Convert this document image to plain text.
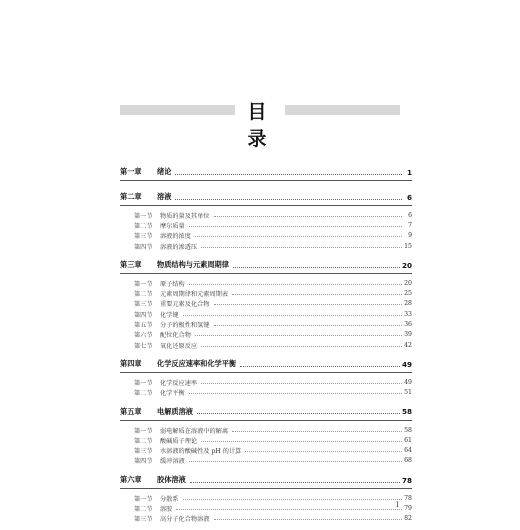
目 录
第一章	绪论	1
第二章	溶液	6
第一节	物质的量及其单位	6
第二节	摩尔质量	7
第三节	溶液的浓度	9
第四节	溶液的渗透压	15
第三章	物质结构与元素周期律	20
第一节	原子结构	20
第二节	元素周期律和元素周期表	25
第三节	重要元素及化合物	28
第四节	化学键	33
第五节	分子的极性和氢键	36
第六节	配位化合物	39
第七节	氧化还原反应	42
第四章	化学反应速率和化学平衡	49
第一节	化学反应速率	49
第二节	化学平衡	51
第五章	电解质溶液	58
第一节	弱电解质在溶液中的解离	58
第二节	酸碱质子理论	61
第三节	水溶液的酸碱性及 pH 的计算	64
第四节	缓冲溶液	68
第六章	胶体溶液	78
第一节	分散系	78
第二节	溶胶	79
第三节	高分子化合物溶液	82
I
